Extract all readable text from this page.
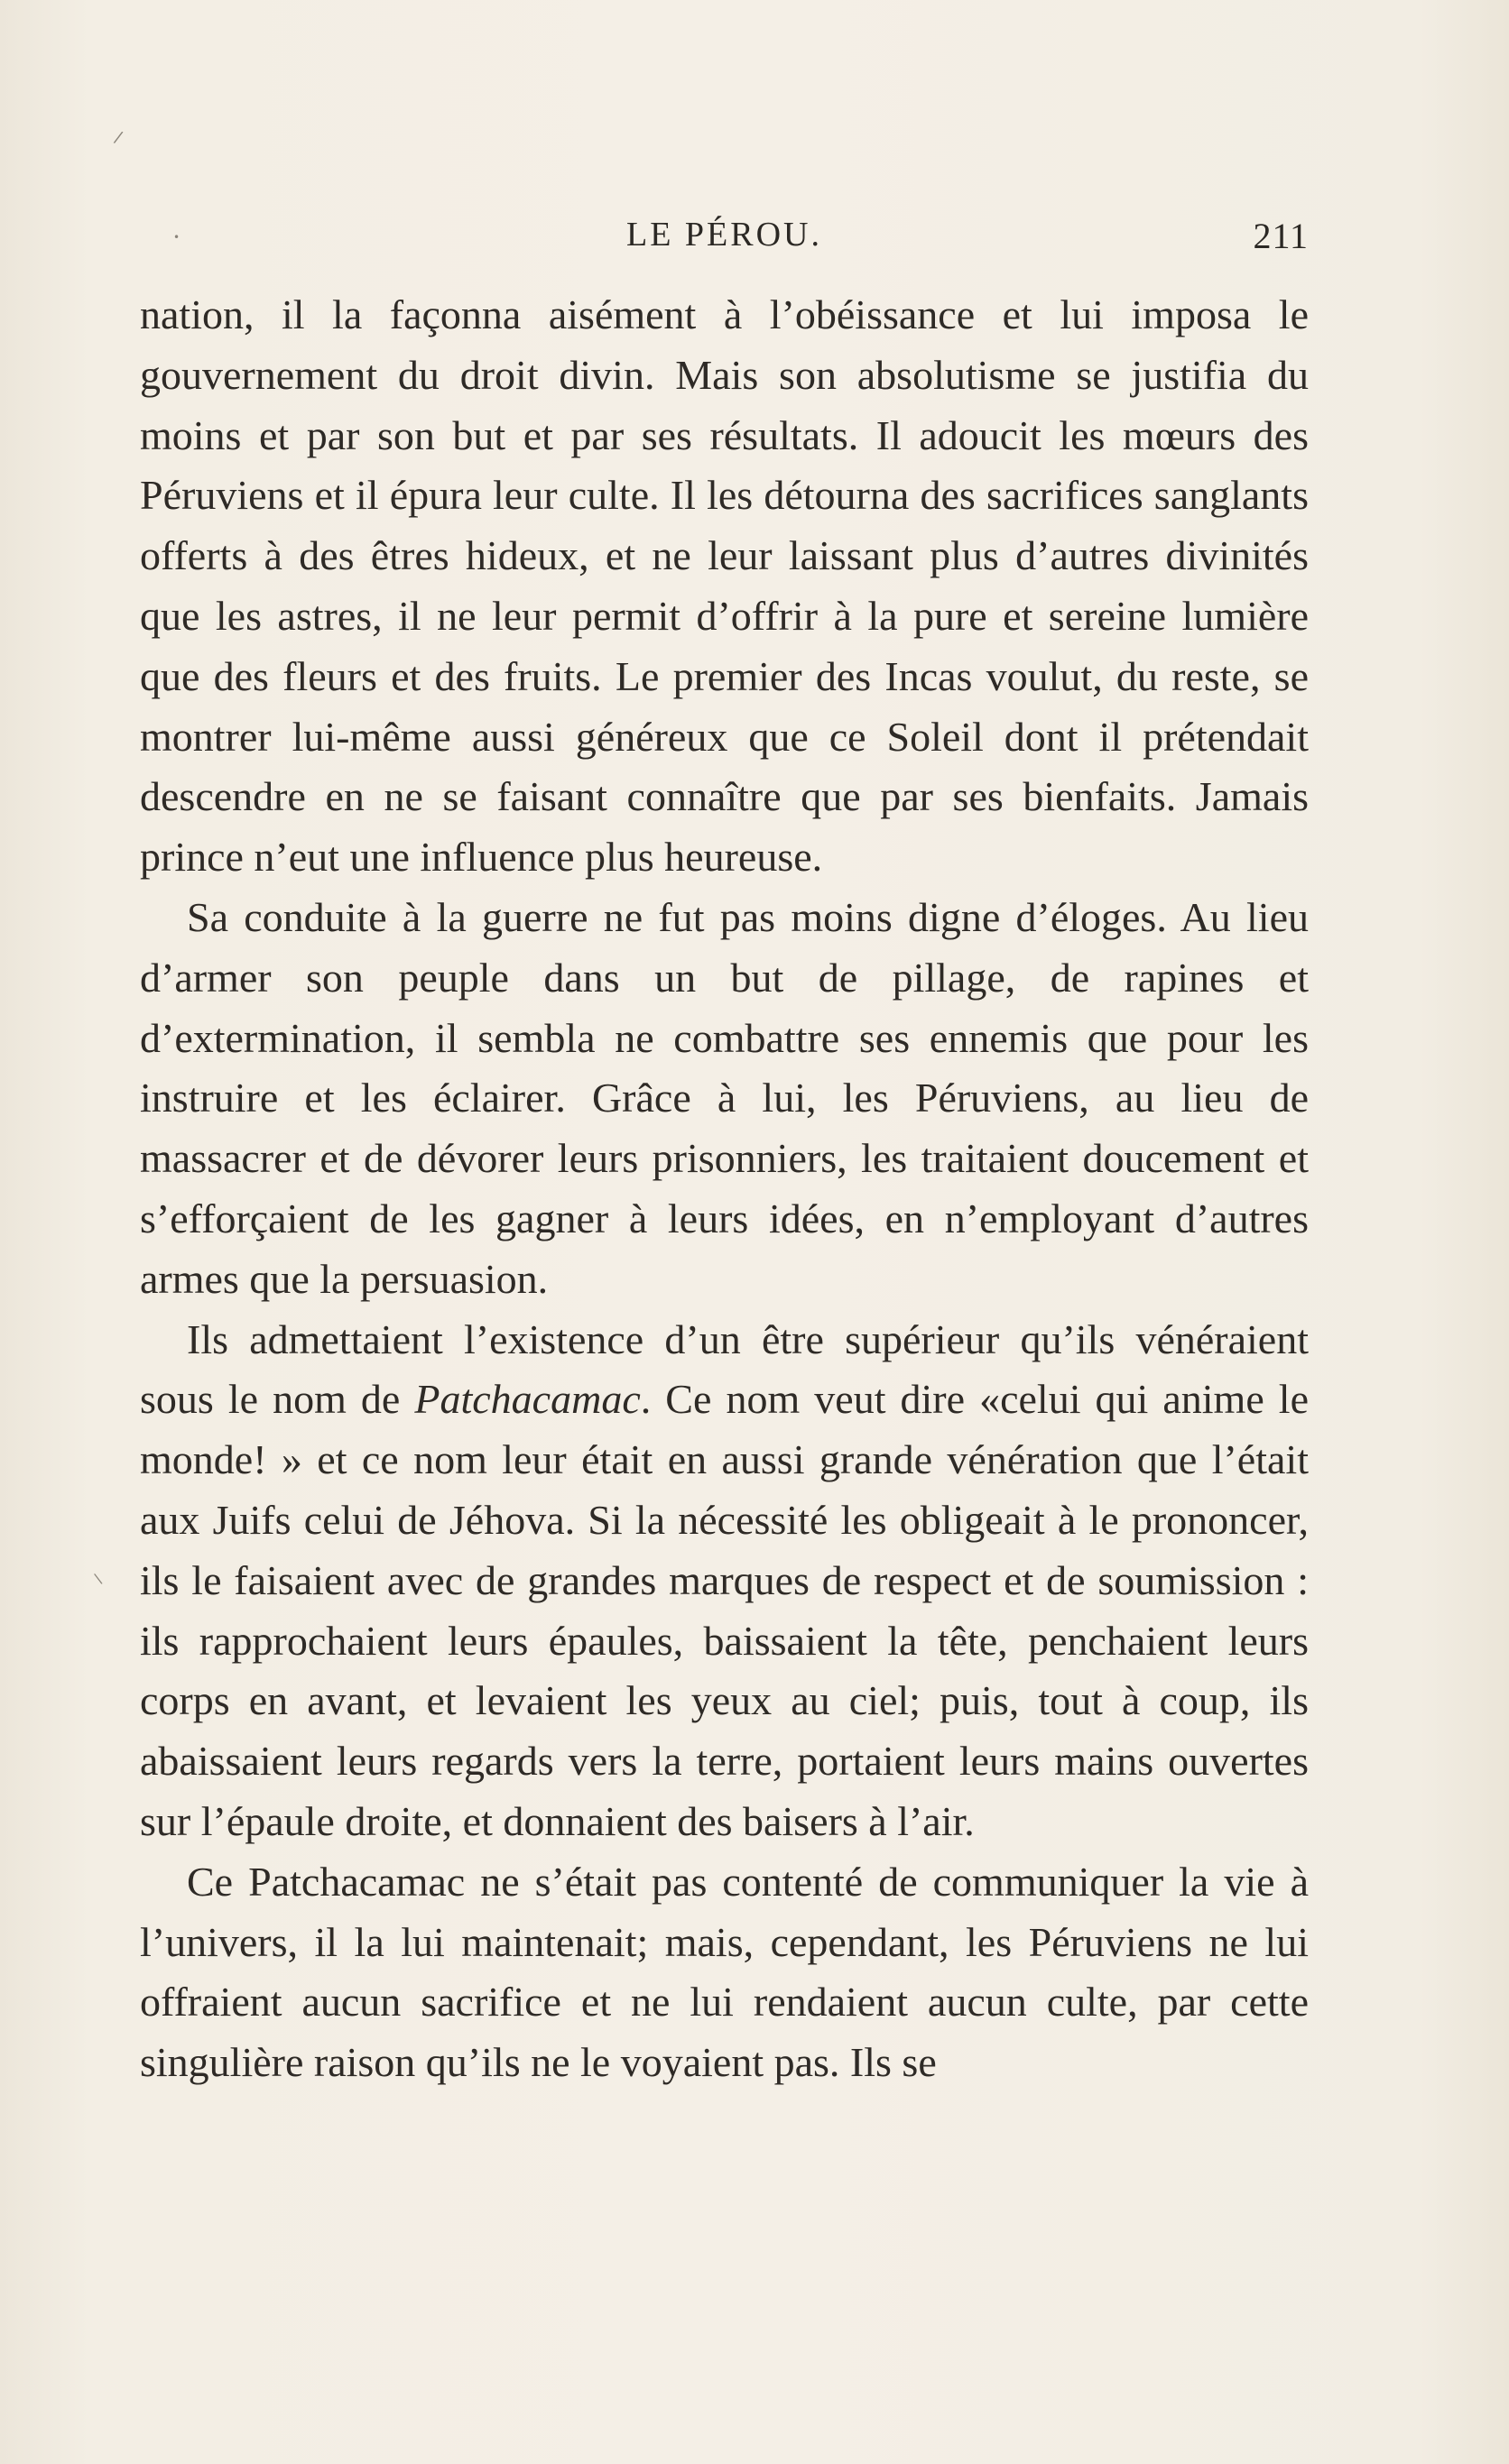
LE PÉROU.	211

nation, il la façonna aisément à l’obéissance et lui imposa le gouvernement du droit divin. Mais son absolutisme se justifia du moins et par son but et par ses résultats. Il adoucit les mœurs des Péruviens et il épura leur culte. Il les détourna des sacrifices sanglants offerts à des êtres hideux, et ne leur laissant plus d’autres divinités que les astres, il ne leur permit d’offrir à la pure et sereine lumière que des fleurs et des fruits. Le premier des Incas voulut, du reste, se montrer lui-même aussi généreux que ce Soleil dont il prétendait descendre en ne se faisant connaître que par ses bienfaits. Jamais prince n’eut une influence plus heureuse.

Sa conduite à la guerre ne fut pas moins digne d’éloges. Au lieu d’armer son peuple dans un but de pillage, de rapines et d’extermination, il sembla ne combattre ses ennemis que pour les instruire et les éclairer. Grâce à lui, les Péruviens, au lieu de massacrer et de dévorer leurs prisonniers, les traitaient doucement et s’efforçaient de les gagner à leurs idées, en n’employant d’autres armes que la persuasion.

Ils admettaient l’existence d’un être supérieur qu’ils vénéraient sous le nom de Patchacamac. Ce nom veut dire «celui qui anime le monde! » et ce nom leur était en aussi grande vénération que l’était aux Juifs celui de Jéhova. Si la nécessité les obligeait à le prononcer, ils le faisaient avec de grandes marques de respect et de soumission : ils rapprochaient leurs épaules, baissaient la tête, penchaient leurs corps en avant, et levaient les yeux au ciel; puis, tout à coup, ils abaissaient leurs regards vers la terre, portaient leurs mains ouvertes sur l’épaule droite, et donnaient des baisers à l’air.

Ce Patchacamac ne s’était pas contenté de communiquer la vie à l’univers, il la lui maintenait; mais, cependant, les Péruviens ne lui offraient aucun sacrifice et ne lui rendaient aucun culte, par cette singulière raison qu’ils ne le voyaient pas. Ils se

/
•
\
